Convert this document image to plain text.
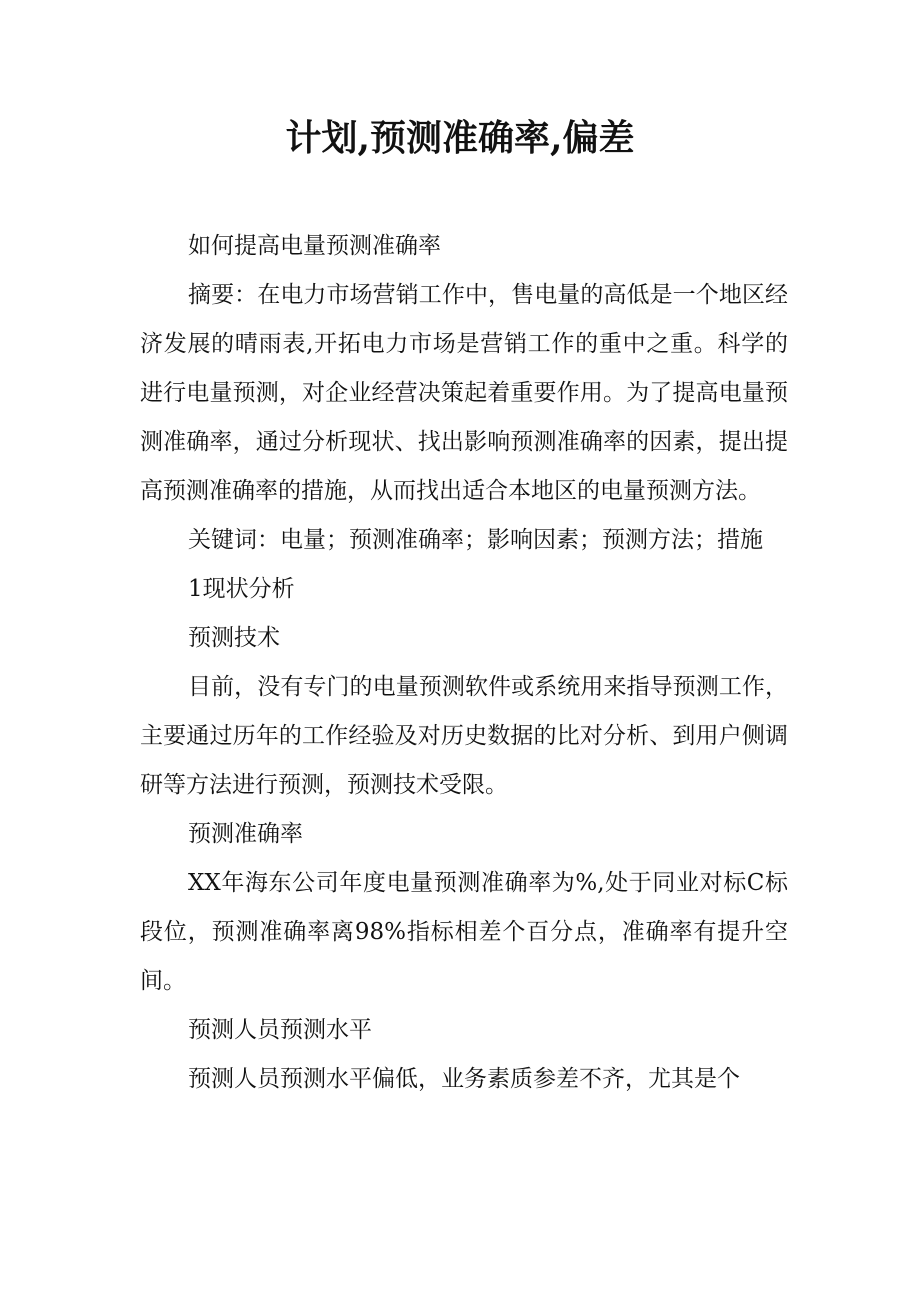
计划,预测准确率,偏差

如何提高电量预测准确率

摘要：在电力市场营销工作中，售电量的高低是一个地区经济发展的晴雨表,开拓电力市场是营销工作的重中之重。科学的进行电量预测，对企业经营决策起着重要作用。为了提高电量预测准确率，通过分析现状、找出影响预测准确率的因素，提出提高预测准确率的措施，从而找出适合本地区的电量预测方法。

关键词：电量；预测准确率；影响因素；预测方法；措施

1现状分析

预测技术

目前，没有专门的电量预测软件或系统用来指导预测工作，主要通过历年的工作经验及对历史数据的比对分析、到用户侧调研等方法进行预测，预测技术受限。

预测准确率

XX年海东公司年度电量预测准确率为%,处于同业对标C标段位，预测准确率离98%指标相差个百分点，准确率有提升空间。

预测人员预测水平

预测人员预测水平偏低，业务素质参差不齐，尤其是个
